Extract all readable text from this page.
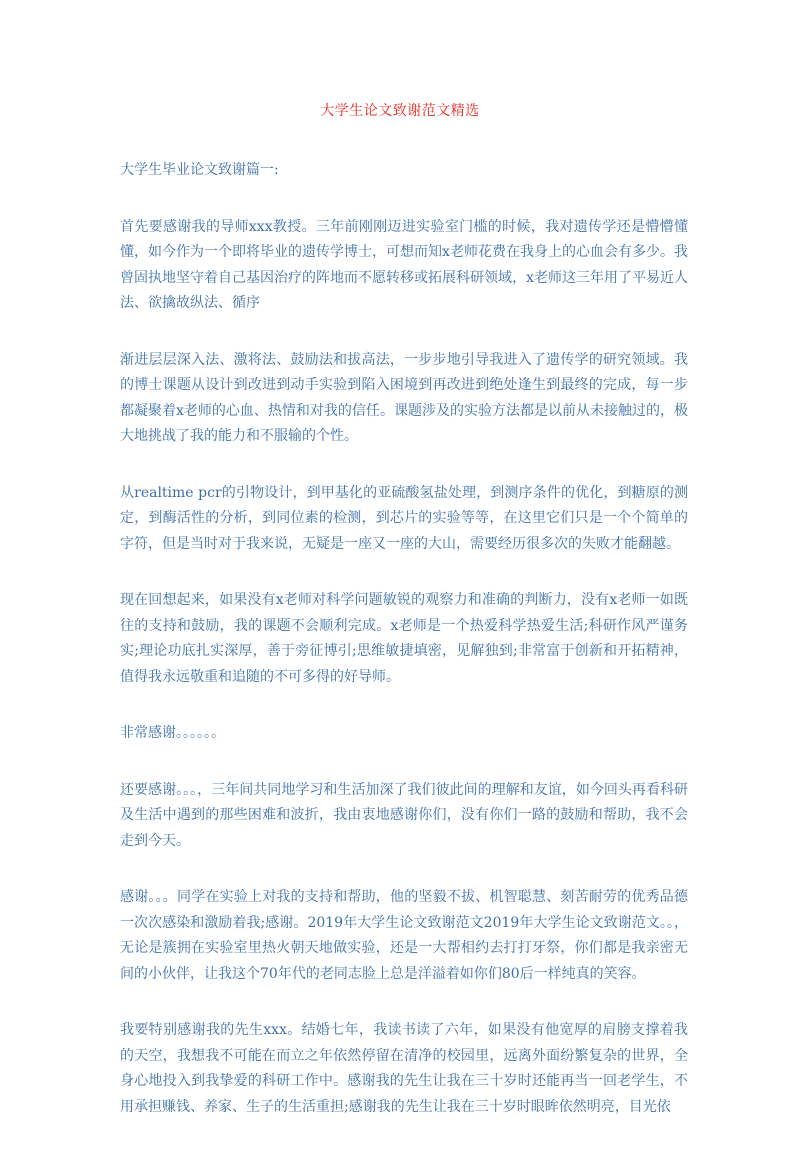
大学生论文致谢范文精选

大学生毕业论文致谢篇一:

首先要感谢我的导师xxx教授。三年前刚刚迈进实验室门槛的时候，我对遗传学还是懵懵懂懂，如今作为一个即将毕业的遗传学博士，可想而知x老师花费在我身上的心血会有多少。我曾固执地坚守着自己基因治疗的阵地而不愿转移或拓展科研领域，x老师这三年用了平易近人法、欲擒故纵法、循序

渐进层层深入法、激将法、鼓励法和拔高法，一步步地引导我进入了遗传学的研究领域。我的博士课题从设计到改进到动手实验到陷入困境到再改进到绝处逢生到最终的完成，每一步都凝聚着x老师的心血、热情和对我的信任。课题涉及的实验方法都是以前从未接触过的，极大地挑战了我的能力和不服输的个性。

从realtime pcr的引物设计，到甲基化的亚硫酸氢盐处理，到测序条件的优化，到糖原的测定，到酶活性的分析，到同位素的检测，到芯片的实验等等，在这里它们只是一个个简单的字符，但是当时对于我来说，无疑是一座又一座的大山，需要经历很多次的失败才能翻越。

现在回想起来，如果没有x老师对科学问题敏锐的观察力和准确的判断力，没有x老师一如既往的支持和鼓励，我的课题不会顺利完成。x老师是一个热爱科学热爱生活;科研作风严谨务实;理论功底扎实深厚，善于旁征博引;思维敏捷填密，见解独到;非常富于创新和开拓精神，值得我永远敬重和追随的不可多得的好导师。

非常感谢。。。。。。

还要感谢。。。，三年间共同地学习和生活加深了我们彼此间的理解和友谊，如今回头再看科研及生活中遇到的那些困难和波折，我由衷地感谢你们，没有你们一路的鼓励和帮助，我不会走到今天。

感谢。。。同学在实验上对我的支持和帮助，他的坚毅不拔、机智聪慧、刻苦耐劳的优秀品德一次次感染和激励着我;感谢。2019年大学生论文致谢范文2019年大学生论文致谢范文。。，无论是簇拥在实验室里热火朝天地做实验，还是一大帮相约去打打牙祭，你们都是我亲密无间的小伙伴，让我这个70年代的老同志脸上总是洋溢着如你们80后一样纯真的笑容。

我要特别感谢我的先生xxx。结婚七年，我读书读了六年，如果没有他宽厚的肩膀支撑着我的天空，我想我不可能在而立之年依然停留在清净的校园里，远离外面纷繁复杂的世界，全身心地投入到我挚爱的科研工作中。感谢我的先生让我在三十岁时还能再当一回老学生，不用承担赚钱、养家、生子的生活重担;感谢我的先生让我在三十岁时眼眸依然明亮，目光依
